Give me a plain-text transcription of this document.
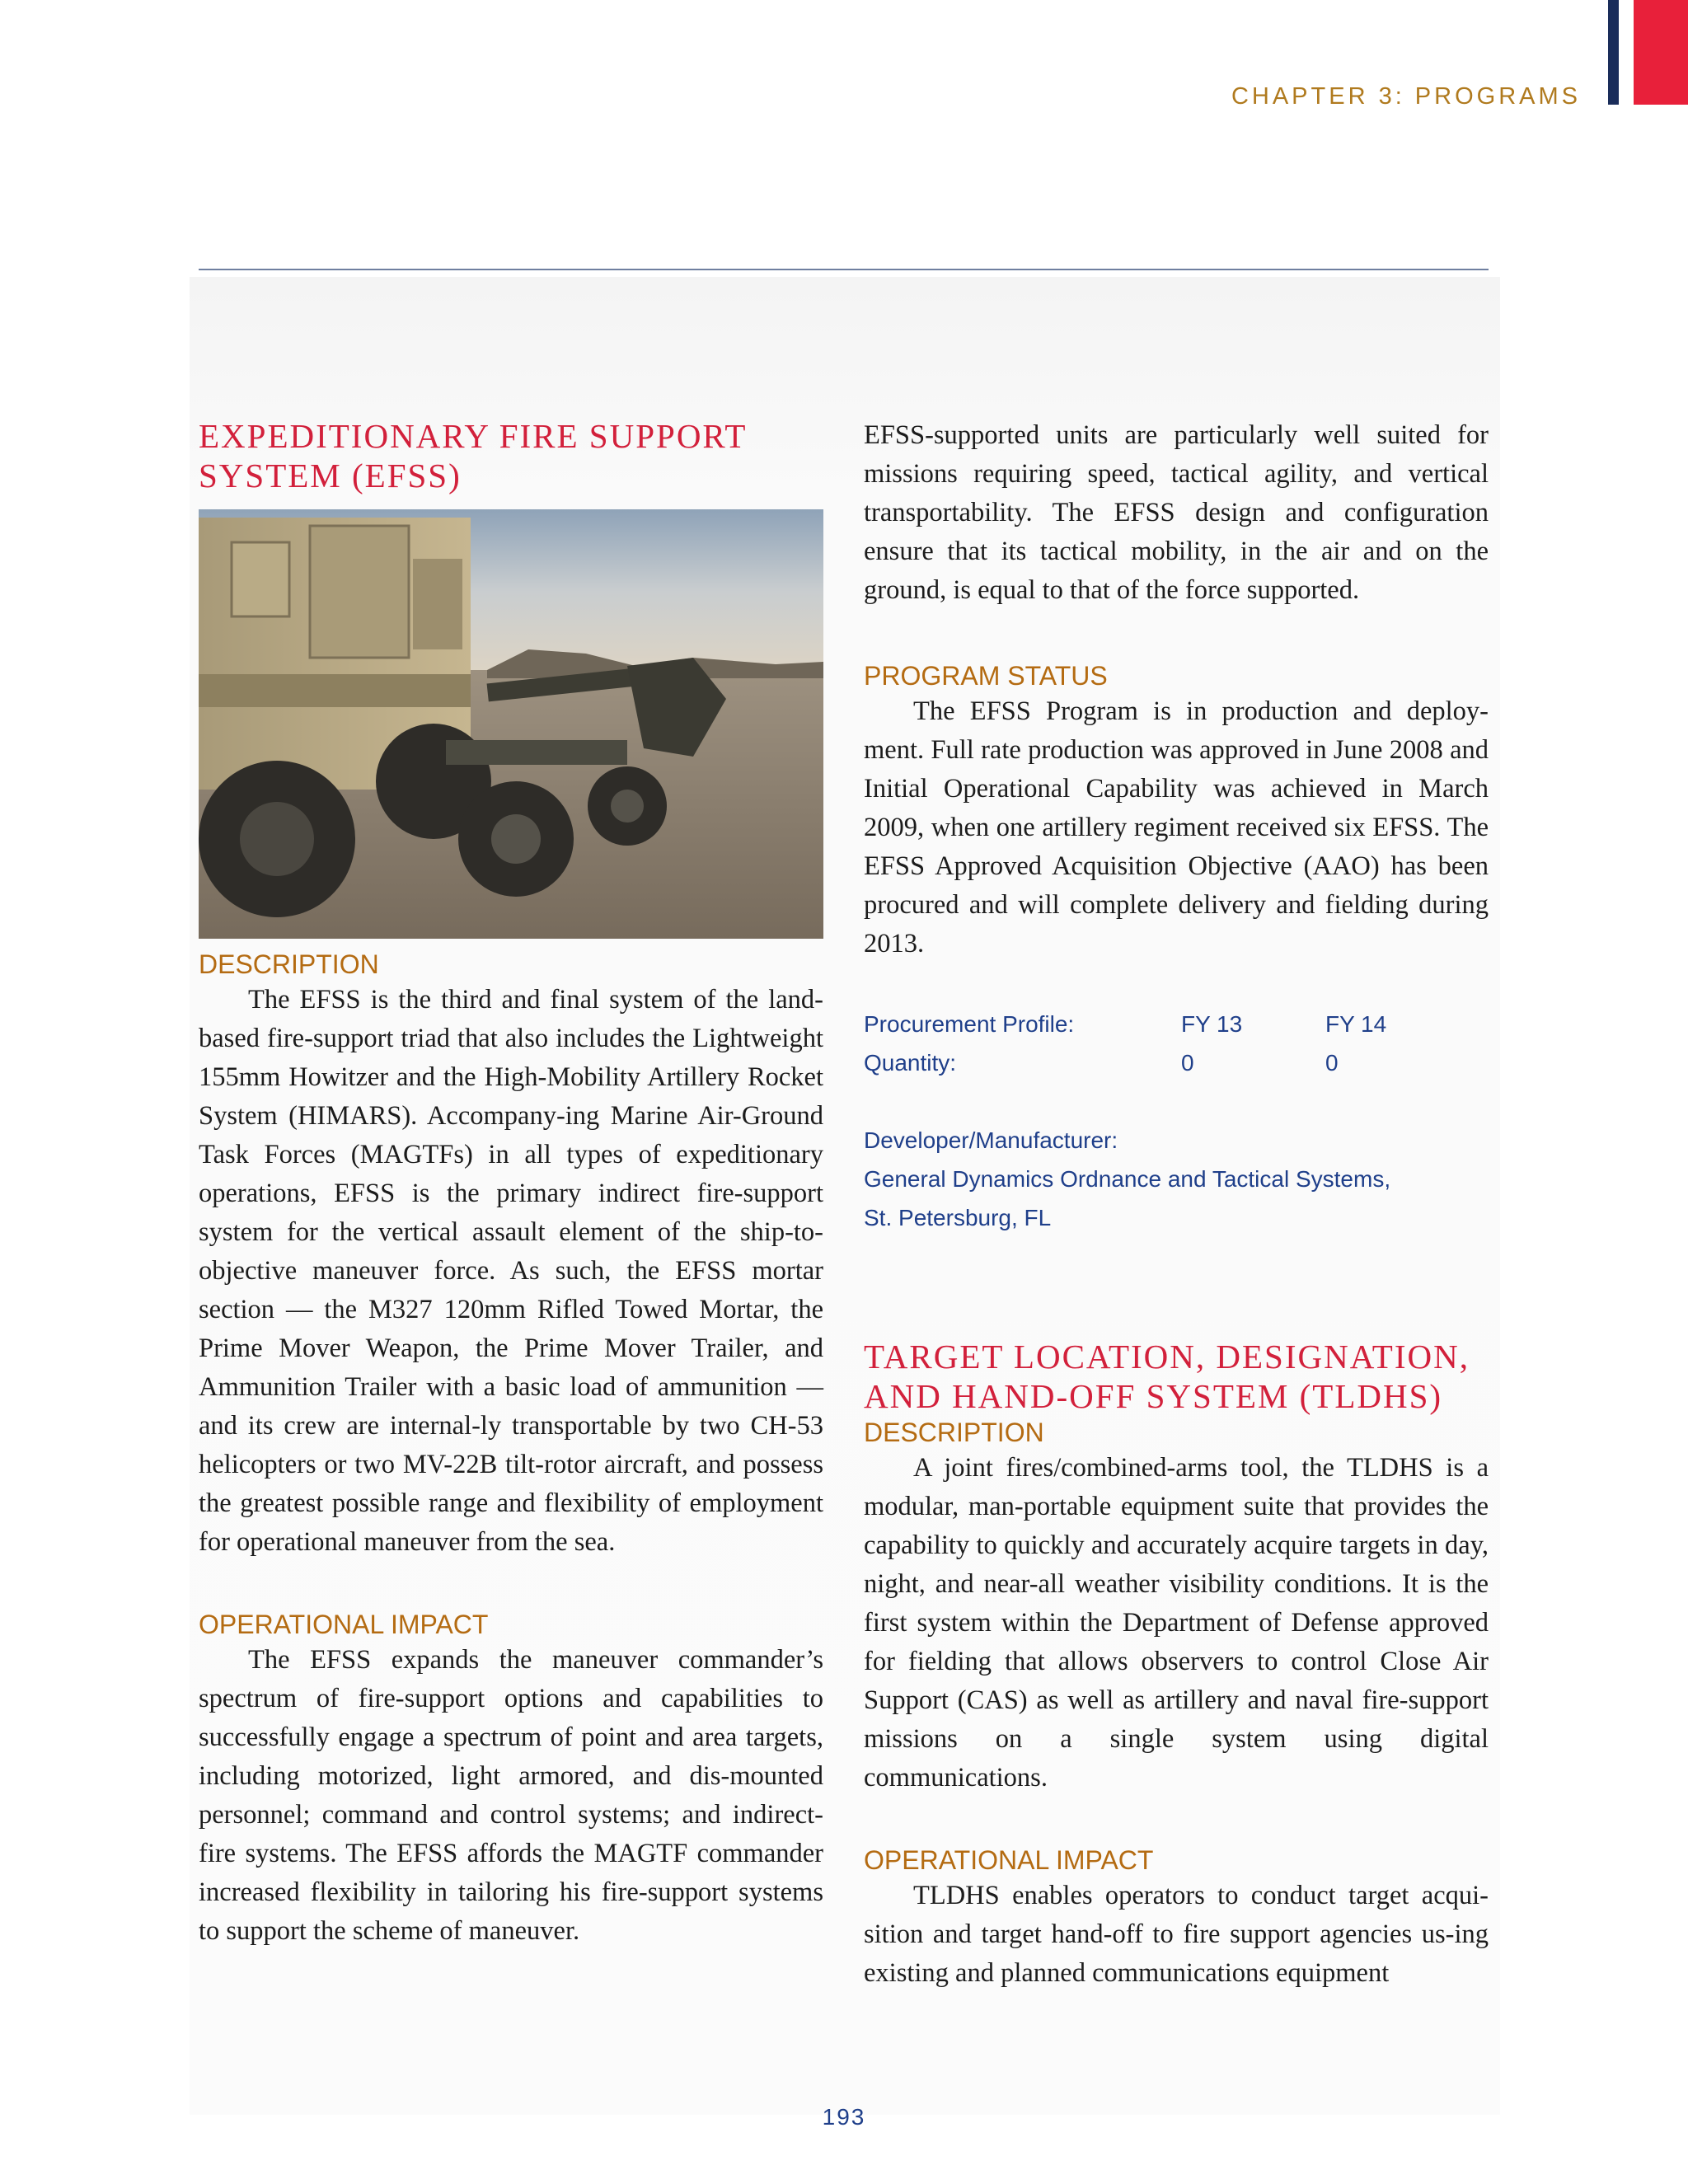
CHAPTER 3: PROGRAMS
EXPEDITIONARY FIRE SUPPORT
SYSTEM (EFSS)
DESCRIPTION

The EFSS is the third and final system of the land-based fire-support triad that also includes the Lightweight 155mm Howitzer and the High-Mobility Artillery Rocket System (HIMARS). Accompany-ing Marine Air-Ground Task Forces (MAGTFs) in all types of expeditionary operations, EFSS is the primary indirect fire-support system for the vertical assault element of the ship-to-objective maneuver force. As such, the EFSS mortar section — the M327 120mm Rifled Towed Mortar, the Prime Mover Weapon, the Prime Mover Trailer, and Ammunition Trailer with a basic load of ammunition — and its crew are internal-ly transportable by two CH-53 helicopters or two MV-22B tilt-rotor aircraft, and possess the greatest possible range and flexibility of employment for operational maneuver from the sea.

OPERATIONAL IMPACT

The EFSS expands the maneuver commander’s spectrum of fire-support options and capabilities to successfully engage a spectrum of point and area targets, including motorized, light armored, and dis-mounted personnel; command and control systems; and indirect-fire systems. The EFSS affords the MAGTF commander increased flexibility in tailoring his fire-support systems to support the scheme of maneuver.

EFSS-supported units are particularly well suited for missions requiring speed, tactical agility, and vertical transportability. The EFSS design and configuration ensure that its tactical mobility, in the air and on the ground, is equal to that of the force supported.

PROGRAM STATUS

The EFSS Program is in production and deploy-ment. Full rate production was approved in June 2008 and Initial Operational Capability was achieved in March 2009, when one artillery regiment received six EFSS. The EFSS Approved Acquisition Objective (AAO) has been procured and will complete delivery and fielding during 2013.

Procurement Profile:	FY 13	FY 14
Quantity:	0	0
Developer/Manufacturer:
General Dynamics Ordnance and Tactical Systems,
St. Petersburg, FL
TARGET LOCATION, DESIGNATION,
AND HAND-OFF SYSTEM (TLDHS)
DESCRIPTION

A joint fires/combined-arms tool, the TLDHS is a modular, man-portable equipment suite that provides the capability to quickly and accurately acquire targets in day, night, and near-all weather visibility conditions. It is the first system within the Department of Defense approved for fielding that allows observers to control Close Air Support (CAS) as well as artillery and naval fire-support missions on a single system using digital communications.

OPERATIONAL IMPACT

TLDHS enables operators to conduct target acqui-sition and target hand-off to fire support agencies us-ing existing and planned communications equipment

193
